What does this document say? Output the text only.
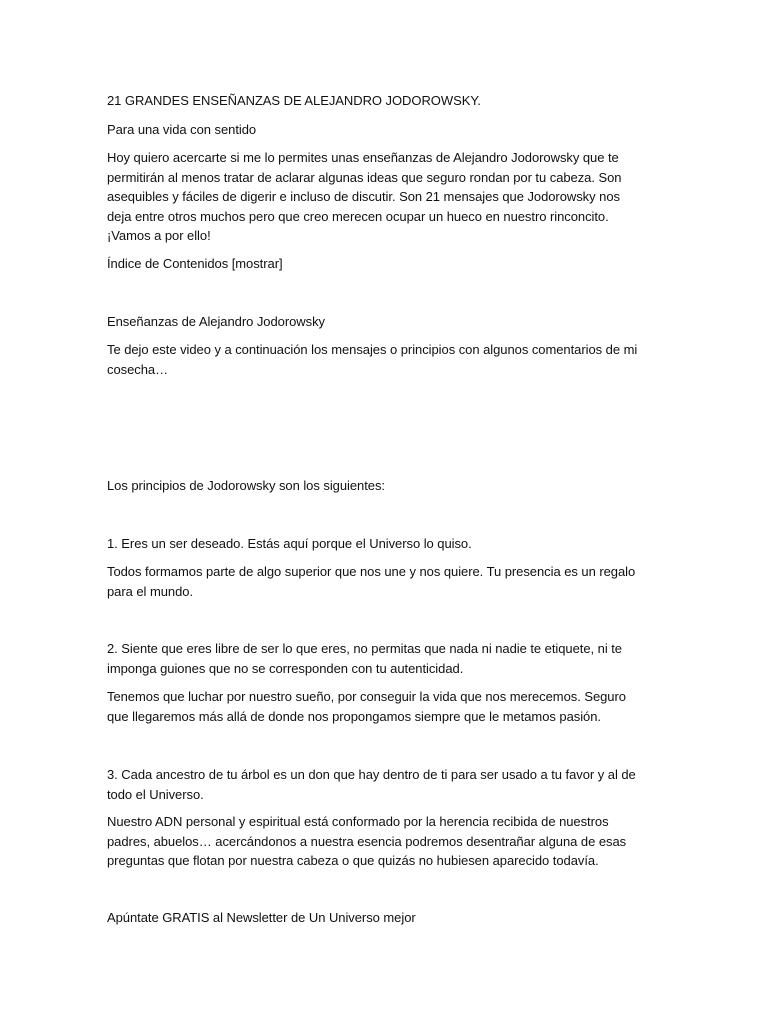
21 GRANDES ENSEÑANZAS DE ALEJANDRO JODOROWSKY.

Para una vida con sentido

Hoy quiero acercarte si me lo permites unas enseñanzas de Alejandro Jodorowsky que te permitirán al menos tratar de aclarar algunas ideas que seguro rondan por tu cabeza. Son asequibles y fáciles de digerir e incluso de discutir. Son 21 mensajes que Jodorowsky nos deja entre otros muchos pero que creo merecen ocupar un hueco en nuestro rinconcito.¡Vamos a por ello!

Índice de Contenidos [mostrar]

Enseñanzas de Alejandro Jodorowsky

Te dejo este video y a continuación los mensajes o principios con algunos comentarios de mi cosecha…

Los principios de Jodorowsky son los siguientes:

1. Eres un ser deseado. Estás aquí porque el Universo lo quiso.

Todos formamos parte de algo superior que nos une y nos quiere. Tu presencia es un regalo para el mundo.

2. Siente que eres libre de ser lo que eres, no permitas que nada ni nadie te etiquete, ni te imponga guiones que no se corresponden con tu autenticidad.

Tenemos que luchar por nuestro sueño, por conseguir la vida que nos merecemos. Seguro que llegaremos más allá de donde nos propongamos siempre que le metamos pasión.

3. Cada ancestro de tu árbol es un don que hay dentro de ti para ser usado a tu favor y al de todo el Universo.

Nuestro ADN personal y espiritual está conformado por la herencia recibida de nuestros padres, abuelos… acercándonos a nuestra esencia podremos desentrañar alguna de esas preguntas que flotan por nuestra cabeza o que quizás no hubiesen aparecido todavía.

Apúntate GRATIS al Newsletter de Un Universo mejor
